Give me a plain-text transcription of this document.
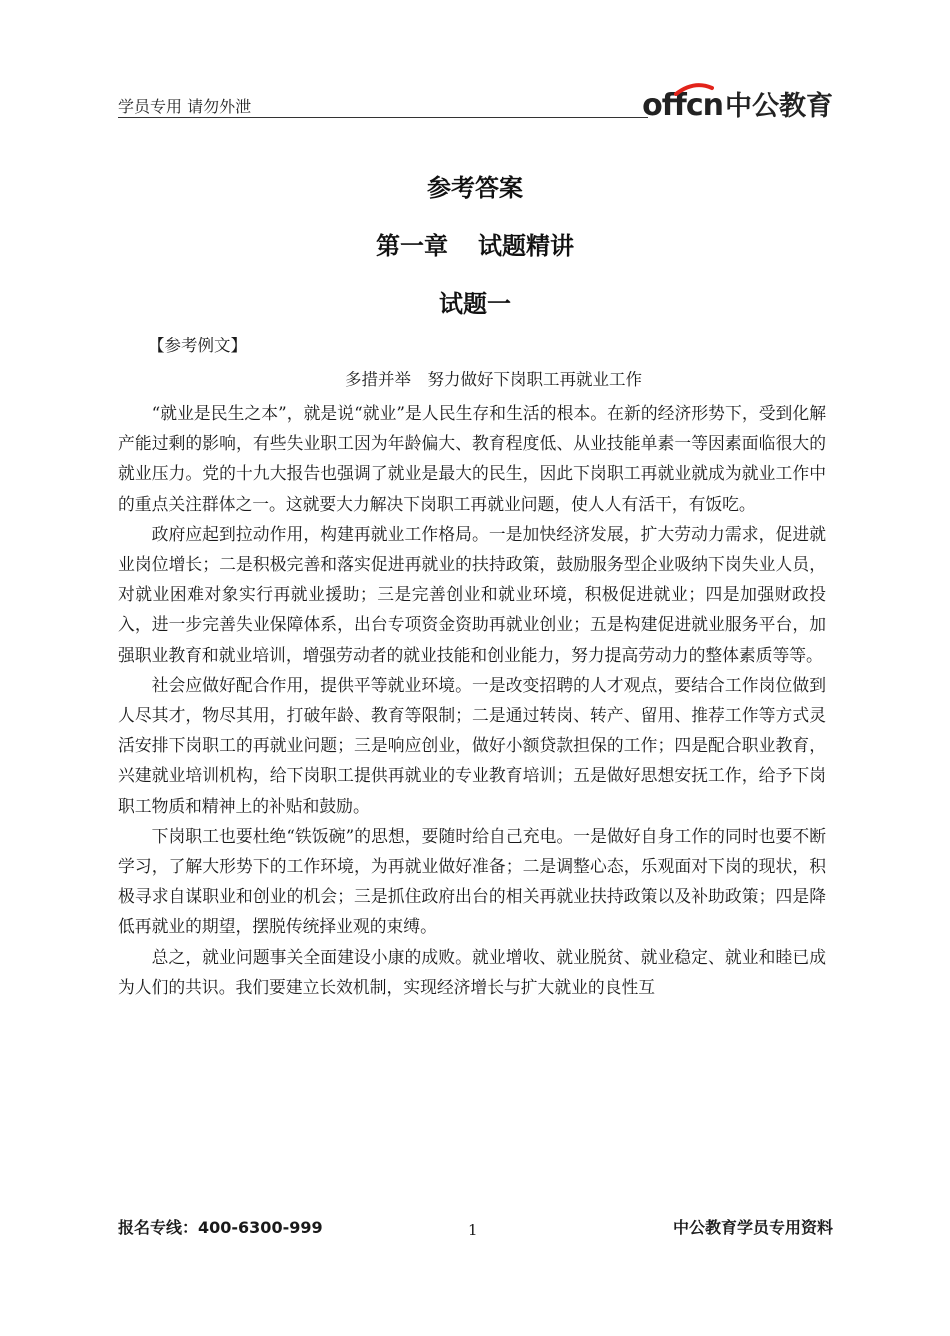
学员专用 请勿外泄	offcn 中公教育
参考答案
第一章 试题精讲
试题一
【参考例文】
多措并举　努力做好下岗职工再就业工作

“就业是民生之本”，就是说“就业”是人民生存和生活的根本。在新的经济形势下，受到化解产能过剩的影响，有些失业职工因为年龄偏大、教育程度低、从业技能单素一等因素面临很大的就业压力。党的十九大报告也强调了就业是最大的民生，因此下岗职工再就业就成为就业工作中的重点关注群体之一。这就要大力解决下岗职工再就业问题，使人人有活干，有饭吃。

政府应起到拉动作用，构建再就业工作格局。一是加快经济发展，扩大劳动力需求，促进就业岗位增长；二是积极完善和落实促进再就业的扶持政策，鼓励服务型企业吸纳下岗失业人员，对就业困难对象实行再就业援助；三是完善创业和就业环境，积极促进就业；四是加强财政投入，进一步完善失业保障体系，出台专项资金资助再就业创业；五是构建促进就业服务平台，加强职业教育和就业培训，增强劳动者的就业技能和创业能力，努力提高劳动力的整体素质等等。

社会应做好配合作用，提供平等就业环境。一是改变招聘的人才观点，要结合工作岗位做到人尽其才，物尽其用，打破年龄、教育等限制；二是通过转岗、转产、留用、推荐工作等方式灵活安排下岗职工的再就业问题；三是响应创业，做好小额贷款担保的工作；四是配合职业教育，兴建就业培训机构，给下岗职工提供再就业的专业教育培训；五是做好思想安抚工作，给予下岗职工物质和精神上的补贴和鼓励。

下岗职工也要杜绝“铁饭碗”的思想，要随时给自己充电。一是做好自身工作的同时也要不断学习，了解大形势下的工作环境，为再就业做好准备；二是调整心态，乐观面对下岗的现状，积极寻求自谋职业和创业的机会；三是抓住政府出台的相关再就业扶持政策以及补助政策；四是降低再就业的期望，摆脱传统择业观的束缚。

总之，就业问题事关全面建设小康的成败。就业增收、就业脱贫、就业稳定、就业和睦已成为人们的共识。我们要建立长效机制，实现经济增长与扩大就业的良性互

报名专线：400-6300-999	1	中公教育学员专用资料
